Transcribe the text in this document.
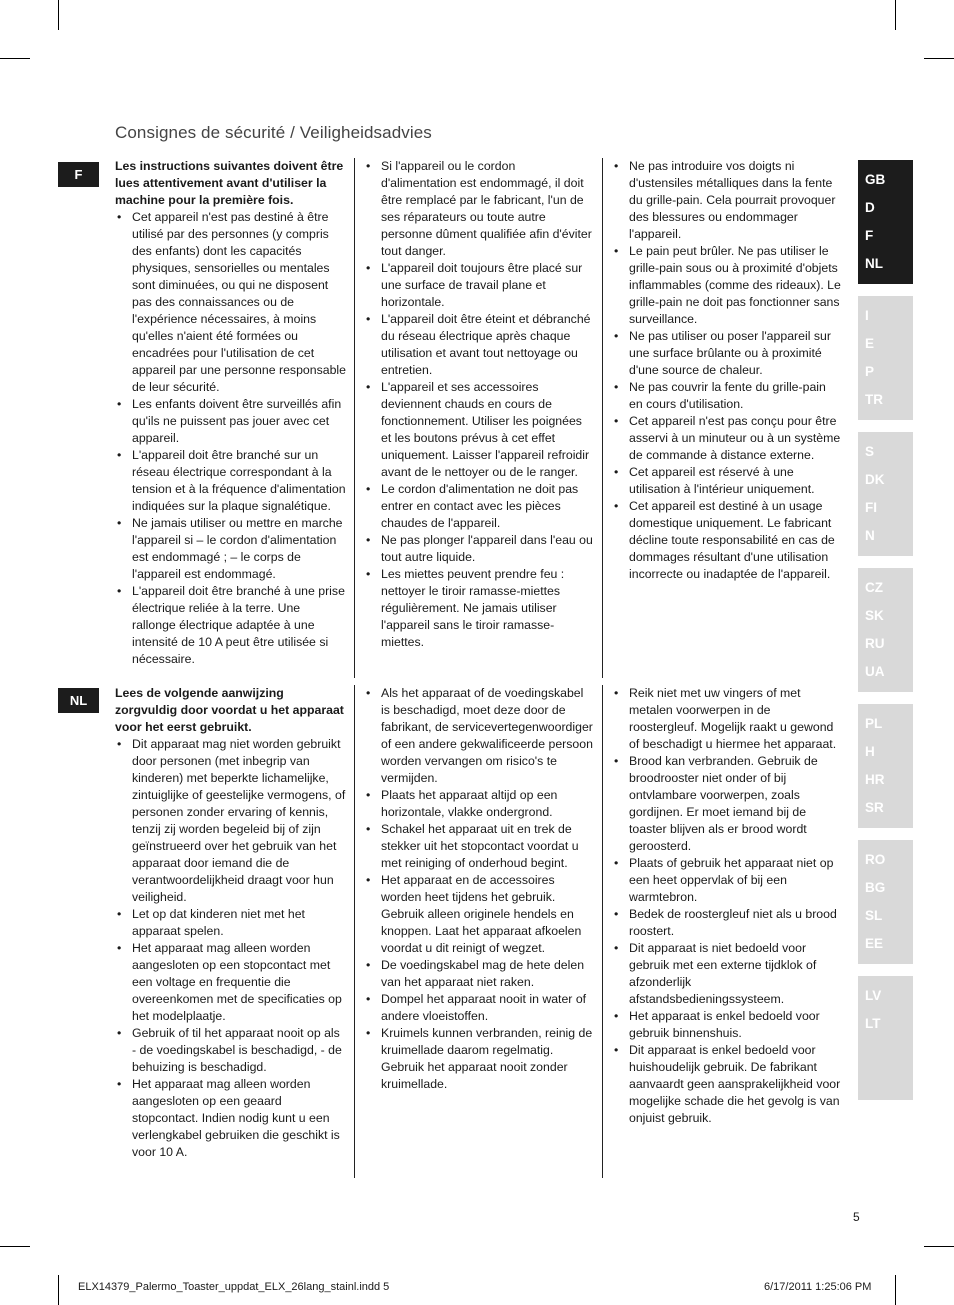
Consignes de sécurité / Veiligheidsadvies
F

Les instructions suivantes doivent être lues attentivement avant d'utiliser la machine pour la première fois.

• Cet appareil n'est pas destiné à être utilisé par des personnes (y compris des enfants) dont les capacités physiques, sensorielles ou mentales sont diminuées, ou qui ne disposent pas des connaissances ou de l'expérience nécessaires, à moins qu'elles n'aient été formées ou encadrées pour l'utilisation de cet appareil par une personne responsable de leur sécurité.
• Les enfants doivent être surveillés afin qu'ils ne puissent pas jouer avec cet appareil.
• L'appareil doit être branché sur un réseau électrique correspondant à la tension et à la fréquence d'alimentation indiquées sur la plaque signalétique.
• Ne jamais utiliser ou mettre en marche l'appareil si – le cordon d'alimentation est endommagé ; – le corps de l'appareil est endommagé.
• L'appareil doit être branché à une prise électrique reliée à la terre. Une rallonge électrique adaptée à une intensité de 10 A peut être utilisée si nécessaire.
• Si l'appareil ou le cordon d'alimentation est endommagé, il doit être remplacé par le fabricant, l'un de ses réparateurs ou toute autre personne dûment qualifiée afin d'éviter tout danger.
• L'appareil doit toujours être placé sur une surface de travail plane et horizontale.
• L'appareil doit être éteint et débranché du réseau électrique après chaque utilisation et avant tout nettoyage ou entretien.
• L'appareil et ses accessoires deviennent chauds en cours de fonctionnement. Utiliser les poignées et les boutons prévus à cet effet uniquement. Laisser l'appareil refroidir avant de le nettoyer ou de le ranger.
• Le cordon d'alimentation ne doit pas entrer en contact avec les pièces chaudes de l'appareil.
• Ne pas plonger l'appareil dans l'eau ou tout autre liquide.
• Les miettes peuvent prendre feu : nettoyer le tiroir ramasse-miettes régulièrement. Ne jamais utiliser l'appareil sans le tiroir ramasse-miettes.
• Ne pas introduire vos doigts ni d'ustensiles métalliques dans la fente du grille-pain. Cela pourrait provoquer des blessures ou endommager l'appareil.
• Le pain peut brûler. Ne pas utiliser le grille-pain sous ou à proximité d'objets inflammables (comme des rideaux). Le grille-pain ne doit pas fonctionner sans surveillance.
• Ne pas utiliser ou poser l'appareil sur une surface brûlante ou à proximité d'une source de chaleur.
• Ne pas couvrir la fente du grille-pain en cours d'utilisation.
• Cet appareil n'est pas conçu pour être asservi à un minuteur ou à un système de commande à distance externe.
• Cet appareil est réservé à une utilisation à l'intérieur uniquement.
• Cet appareil est destiné à un usage domestique uniquement. Le fabricant décline toute responsabilité en cas de dommages résultant d'une utilisation incorrecte ou inadaptée de l'appareil.
NL	Lees de volgende aanwijzing zorgvuldig door voordat u het apparaat voor het eerst gebruikt.

• Dit apparaat mag niet worden gebruikt door personen (met inbegrip van kinderen) met beperkte lichamelijke, zintuiglijke of geestelijke vermogens, of personen zonder ervaring of kennis, tenzij zij worden begeleid bij of zijn geïnstrueerd over het gebruik van het apparaat door iemand die de verantwoordelijkheid draagt voor hun veiligheid.
• Let op dat kinderen niet met het apparaat spelen.
• Het apparaat mag alleen worden aangesloten op een stopcontact met een voltage en frequentie die overeenkomen met de specificaties op het modelplaatje.
• Gebruik of til het apparaat nooit op als - de voedingskabel is beschadigd, - de behuizing is beschadigd.
• Het apparaat mag alleen worden aangesloten op een geaard stopcontact. Indien nodig kunt u een verlengkabel gebruiken die geschikt is voor 10 A.
• Als het apparaat of de voedingskabel is beschadigd, moet deze door de fabrikant, de servicevertegenwoordiger of een andere gekwalificeerde persoon worden vervangen om risico's te vermijden.
• Plaats het apparaat altijd op een horizontale, vlakke ondergrond.
• Schakel het apparaat uit en trek de stekker uit het stopcontact voordat u met reiniging of onderhoud begint.
• Het apparaat en de accessoires worden heet tijdens het gebruik. Gebruik alleen originele hendels en knoppen. Laat het apparaat afkoelen voordat u dit reinigt of wegzet.
• De voedingskabel mag de hete delen van het apparaat niet raken.
• Dompel het apparaat nooit in water of andere vloeistoffen.
• Kruimels kunnen verbranden, reinig de kruimellade daarom regelmatig. Gebruik het apparaat nooit zonder kruimellade.
• Reik niet met uw vingers of met metalen voorwerpen in de roostergleuf. Mogelijk raakt u gewond of beschadigt u hiermee het apparaat.
• Brood kan verbranden. Gebruik de broodrooster niet onder of bij ontvlambare voorwerpen, zoals gordijnen. Er moet iemand bij de toaster blijven als er brood wordt geroosterd.
• Plaats of gebruik het apparaat niet op een heet oppervlak of bij een warmtebron.
• Bedek de roostergleuf niet als u brood roostert.
• Dit apparaat is niet bedoeld voor gebruik met een externe tijdklok of afzonderlijk afstandsbedieningssysteem.
• Het apparaat is enkel bedoeld voor gebruik binnenshuis.
• Dit apparaat is enkel bedoeld voor huishoudelijk gebruik. De fabrikant aanvaardt geen aansprakelijkheid voor mogelijke schade die het gevolg is van onjuist gebruik.
GB
D
F
NL
I
E
P
TR
S
DK
FI
N
CZ
SK
RU
UA
PL
H
HR
SR
RO
BG
SL
EE
LV
LT
5
ELX14379_Palermo_Toaster_uppdat_ELX_26lang_stainl.indd 5	6/17/2011 1:25:06 PM
